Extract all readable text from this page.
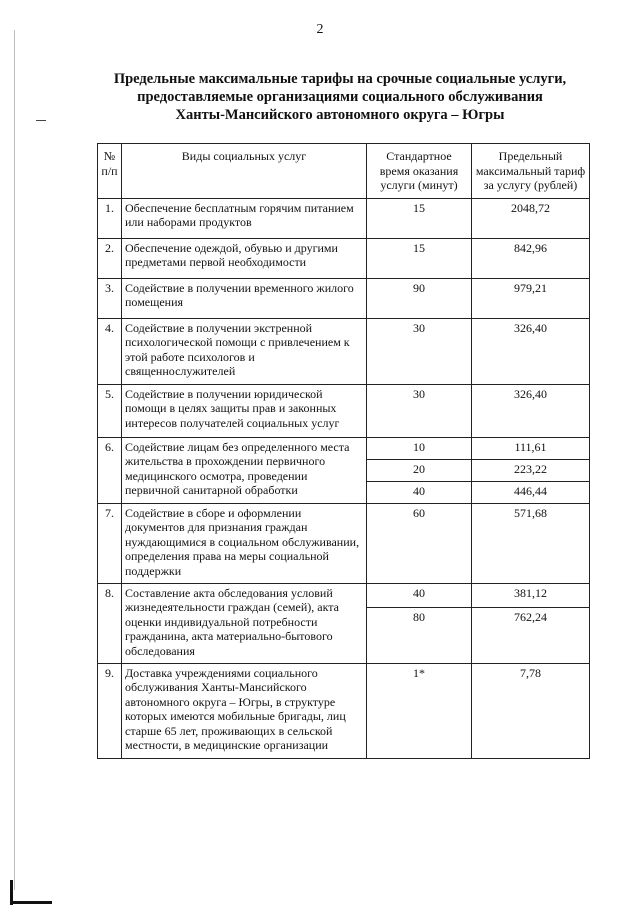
2
Предельные максимальные тарифы на срочные социальные услуги,
предоставляемые организациями социального обслуживания
Ханты-Мансийского автономного округа – Югры
№
п/п	Виды социальных услуг	Стандартное время оказания услуги (минут)	Предельный максимальный тариф за услугу (рублей)
1.	Обеспечение бесплатным горячим питанием или наборами продуктов	15	2048,72
2.	Обеспечение одеждой, обувью и другими предметами первой необходимости	15	842,96
3.	Содействие в получении временного жилого помещения	90	979,21
4.	Содействие в получении экстренной психологической помощи с привлечением к этой работе психологов и священнослужителей	30	326,40
5.	Содействие в получении юридической помощи в целях защиты прав и законных интересов получателей социальных услуг	30	326,40
6.	Содействие лицам без определенного места жительства в прохождении первичного медицинского осмотра, проведении первичной санитарной обработки	10	111,61
		20	223,22
		40	446,44
7.	Содействие в сборе и оформлении документов для признания граждан нуждающимися в социальном обслуживании, определения права на меры социальной поддержки	60	571,68
8.	Составление акта обследования условий жизнедеятельности граждан (семей), акта оценки индивидуальной потребности гражданина, акта материально-бытового обследования	40	381,12
		80	762,24
9.	Доставка учреждениями социального обслуживания Ханты-Мансийского автономного округа – Югры, в структуре которых имеются мобильные бригады, лиц старше 65 лет, проживающих в сельской местности, в медицинские организации	1*	7,78
